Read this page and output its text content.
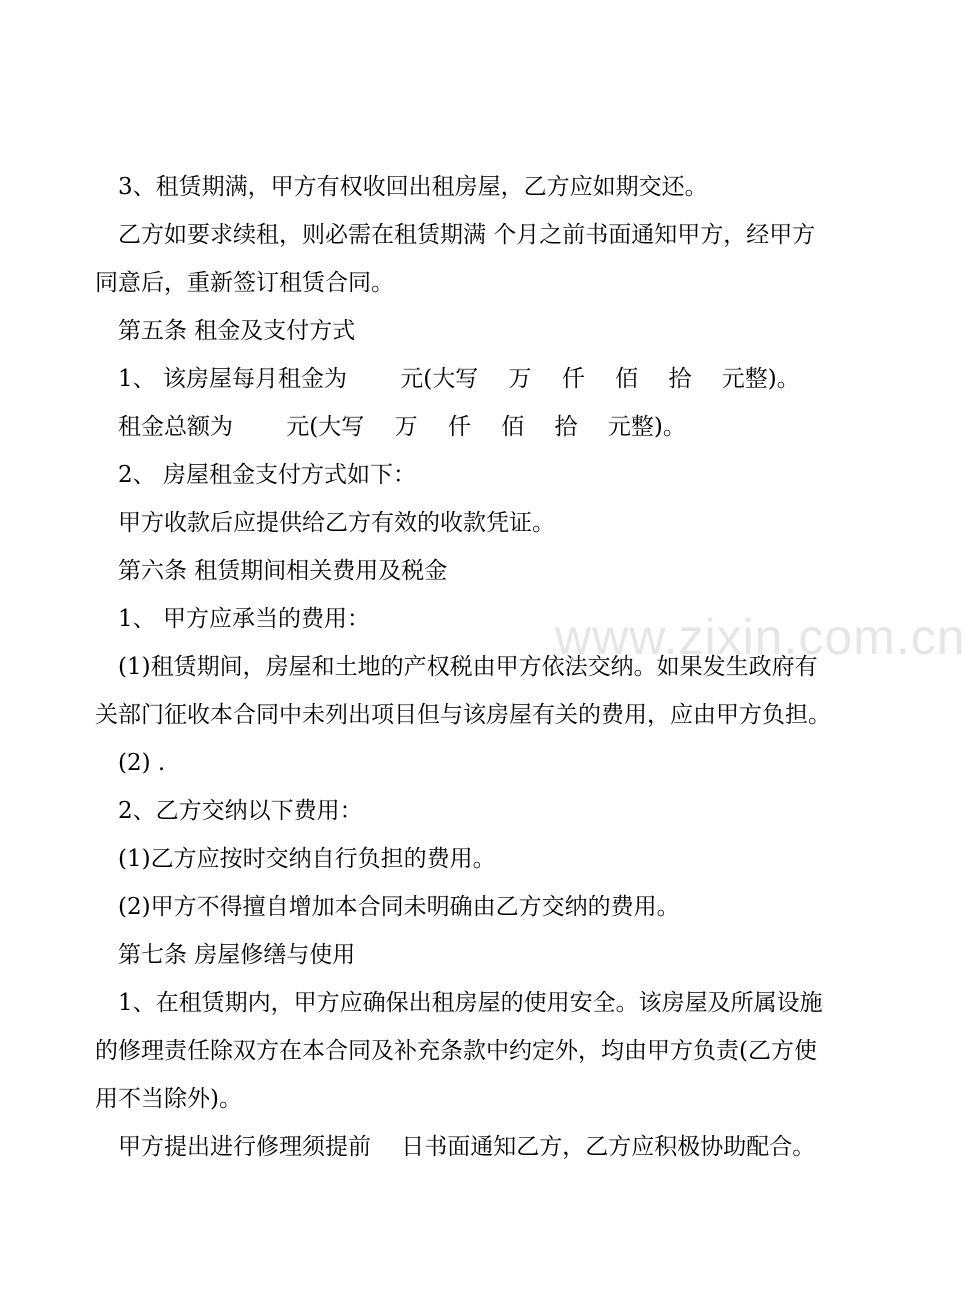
www.zixin.com.cn
3、租赁期满，甲方有权收回出租房屋，乙方应如期交还。
乙方如要求续租，则必需在租赁期满 个月之前书面通知甲方，经甲方
同意后，重新签订租赁合同。
第五条 租金及支付方式
1、 该房屋每月租金为　　 元(大写　 万　 仟　 佰　 拾　 元整)。
租金总额为　　 元(大写　 万　 仟　 佰　 拾　 元整)。
2、 房屋租金支付方式如下：
甲方收款后应提供给乙方有效的收款凭证。
第六条 租赁期间相关费用及税金
1、 甲方应承当的费用：
(1)租赁期间，房屋和土地的产权税由甲方依法交纳。如果发生政府有
关部门征收本合同中未列出项目但与该房屋有关的费用，应由甲方负担。
(2) .
2、乙方交纳以下费用：
(1)乙方应按时交纳自行负担的费用。
(2)甲方不得擅自增加本合同未明确由乙方交纳的费用。
第七条 房屋修缮与使用
1、在租赁期内，甲方应确保出租房屋的使用安全。该房屋及所属设施
的修理责任除双方在本合同及补充条款中约定外，均由甲方负责(乙方使
用不当除外)。
甲方提出进行修理须提前　 日书面通知乙方，乙方应积极协助配合。
